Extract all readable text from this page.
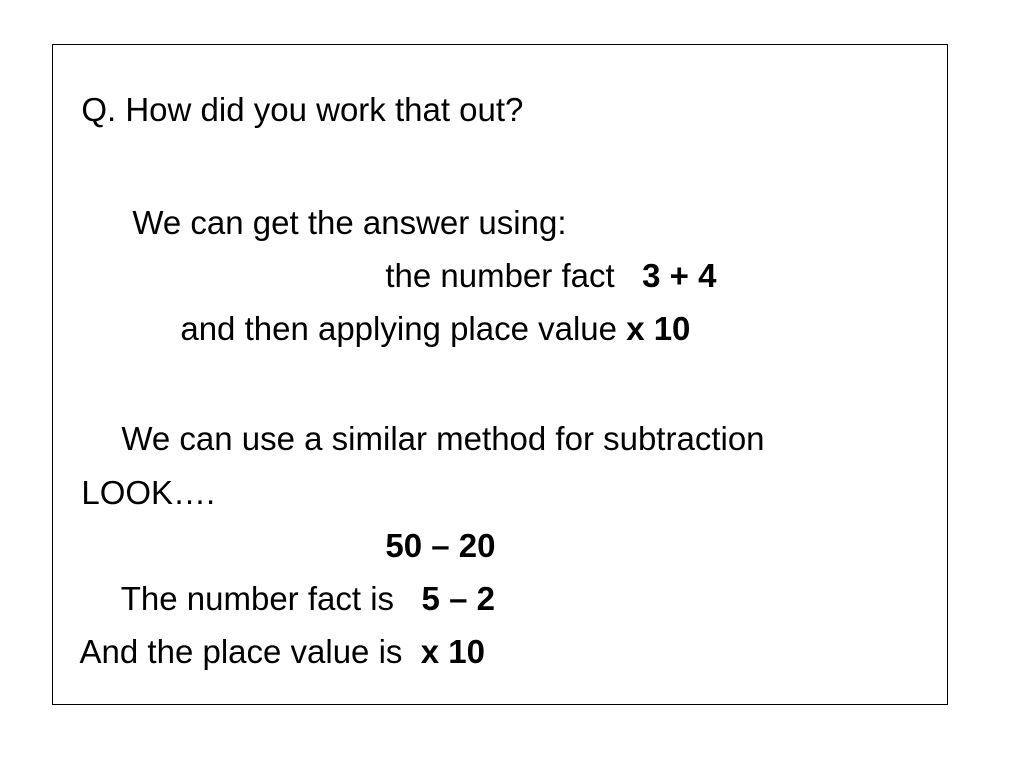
Q. How did you work that out?

We can get the answer using:

the number fact 3 + 4

and then applying place value x 10

We can use a similar method for subtraction

LOOK….

50 – 20

The number fact is 5 – 2

And the place value is x 10
